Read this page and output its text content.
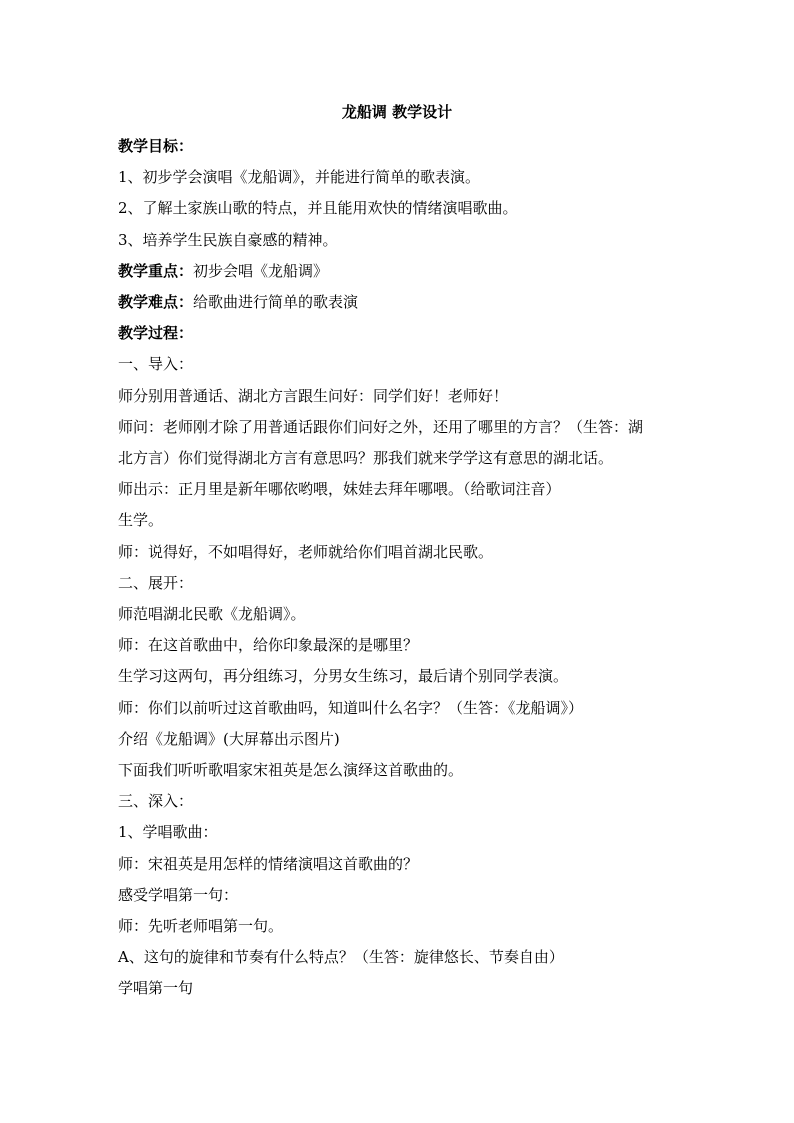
龙船调 教学设计
教学目标：
1、初步学会演唱《龙船调》，并能进行简单的歌表演。
2、了解土家族山歌的特点，并且能用欢快的情绪演唱歌曲。
3、培养学生民族自豪感的精神。
教学重点：初步会唱《龙船调》
教学难点：给歌曲进行简单的歌表演
教学过程：
一、导入：
师分别用普通话、湖北方言跟生问好：同学们好！老师好！
师问：老师刚才除了用普通话跟你们问好之外，还用了哪里的方言？（生答：湖
北方言）你们觉得湖北方言有意思吗？那我们就来学学这有意思的湖北话。
师出示：正月里是新年哪依哟喂，妹娃去拜年哪喂。（给歌词注音）
生学。
师：说得好，不如唱得好，老师就给你们唱首湖北民歌。
二、展开：
师范唱湖北民歌《龙船调》。
师：在这首歌曲中，给你印象最深的是哪里？
生学习这两句，再分组练习，分男女生练习，最后请个别同学表演。
师：你们以前听过这首歌曲吗，知道叫什么名字？（生答：《龙船调》）
介绍《龙船调》(大屏幕出示图片)
下面我们听听歌唱家宋祖英是怎么演绎这首歌曲的。
三、深入：
1、学唱歌曲：
师：宋祖英是用怎样的情绪演唱这首歌曲的？
感受学唱第一句：
师：先听老师唱第一句。
A、这句的旋律和节奏有什么特点？（生答：旋律悠长、节奏自由）
学唱第一句
